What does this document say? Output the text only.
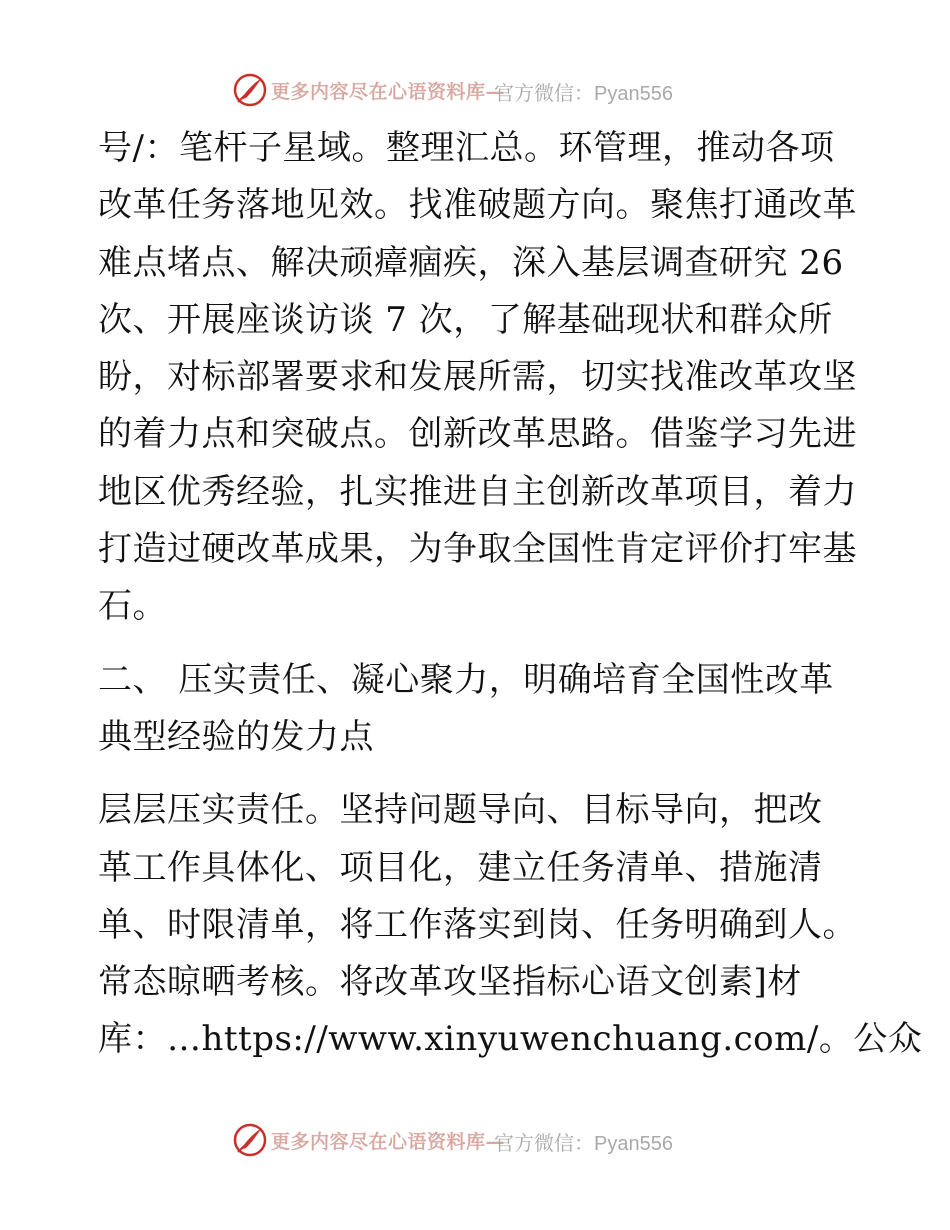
更多内容尽在心语资料库—
官方微信：Pyan556
号/：笔杆子星域。整理汇总。环管理，推动各项
改革任务落地见效。找准破题方向。聚焦打通改革
难点堵点、解决顽瘴痼疾，深入基层调查研究 26
次、开展座谈访谈 7 次，了解基础现状和群众所
盼，对标部署要求和发展所需，切实找准改革攻坚
的着力点和突破点。创新改革思路。借鉴学习先进
地区优秀经验，扎实推进自主创新改革项目，着力
打造过硬改革成果，为争取全国性肯定评价打牢基
石。
二、 压实责任、凝心聚力，明确培育全国性改革
典型经验的发力点
层层压实责任。坚持问题导向、目标导向，把改
革工作具体化、项目化，建立任务清单、措施清
单、时限清单，将工作落实到岗、任务明确到人。
常态晾晒考核。将改革攻坚指标心语文创素]材
库：…https://www.xinyuwenchuang.com/。公众
更多内容尽在心语资料库—
官方微信：Pyan556
